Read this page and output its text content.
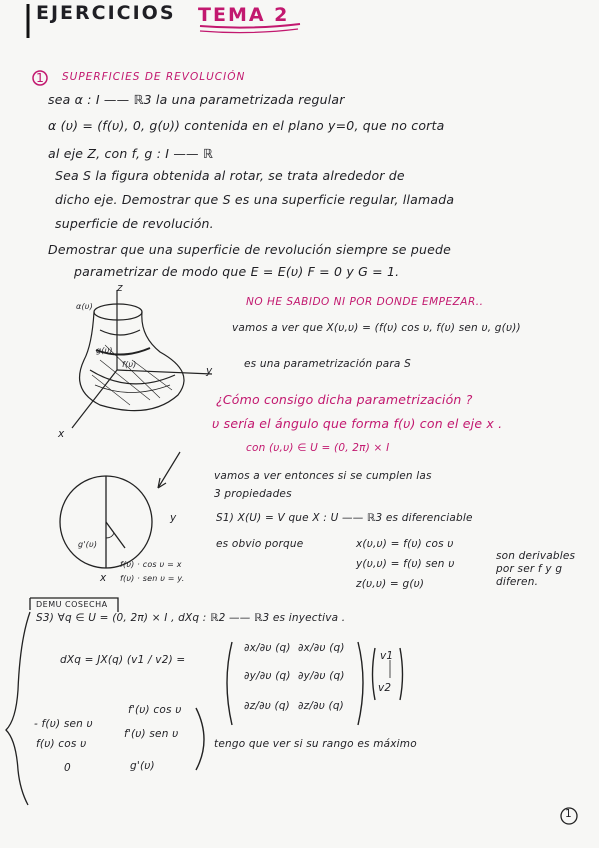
EJERCICIOS TEMA 2
1 SUPERFICIES DE REVOLUCIÓN
sea α : I —— ℝ3 la una parametrizada regular
α (υ) = (f(υ), 0, g(υ)) contenida en el plano y=0, que no corta
al eje Z, con f, g : I —— ℝ
Sea S la figura obtenida al rotar, se trata alrededor de
dicho eje. Demostrar que S es una superficie regular, llamada
superficie de revolución.
Demostrar que una superficie de revolución siempre se puede
parametrizar de modo que E = E(υ) F = 0 y G = 1.
α(υ)
z
y
x
g(υ)
f(υ)
NO HE SABIDO NI POR DONDE EMPEZAR..
vamos a ver que X(υ,υ) = (f(υ) cos υ, f(υ) sen υ, g(υ))
es una parametrización para S
¿Cómo consigo dicha parametrización ?
υ sería el ángulo que forma f(υ) con el eje x .
con (υ,υ) ∈ U = (0, 2π) × I
vamos a ver entonces si se cumplen las
3 propiedades
S1) X(U) = V que X : U —— ℝ3 es diferenciable
es obvio porque	x(υ,υ) = f(υ) cos υ
y(υ,υ) = f(υ) sen υ
z(υ,υ) = g(υ)
son derivables por ser f y g diferen.
y
x
g'(υ)
f(υ) · cos υ = x
f(υ) · sen υ = y.
DEMU COSECHA
S3) ∀q ∈ U = (0, 2π) × I , dXq : ℝ2 —— ℝ3 es inyectiva .
dXq = JX(q) (v1 / v2) =
∂x/∂υ (q) ∂x/∂υ (q)
∂y/∂υ (q) ∂y/∂υ (q)
∂z/∂υ (q) ∂z/∂υ (q)
v1
v2
- f(υ) sen υ
f'(υ) cos υ
f(υ) cos υ
f'(υ) sen υ
0	g'(υ)
tengo que ver si su rango es máximo
1
